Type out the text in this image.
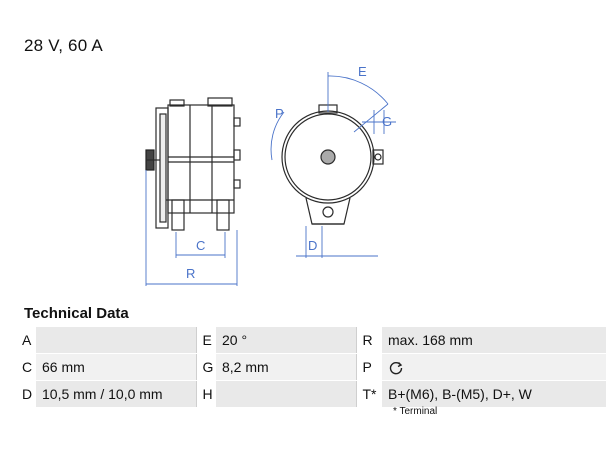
28 V, 60 A
C
R
E
P
G
D
Technical Data
A		E	20 °	R	max. 168 mm
C	66 mm	G	8,2 mm	P	
D	10,5 mm / 10,0 mm	H		T*	B+(M6), B-(M5), D+, W
* Terminal
